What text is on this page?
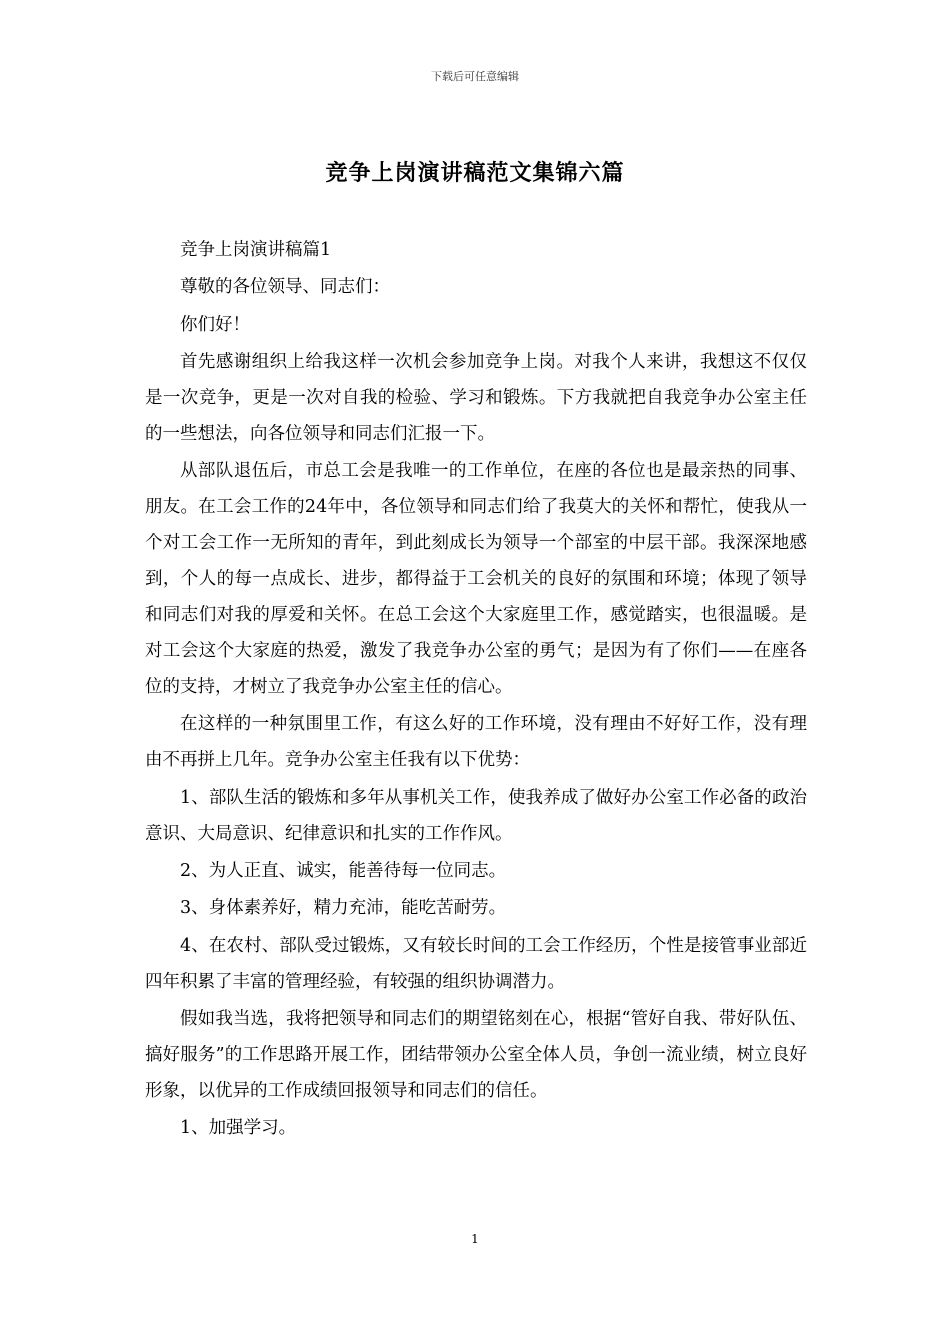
下载后可任意编辑
竞争上岗演讲稿范文集锦六篇

竞争上岗演讲稿篇1

尊敬的各位领导、同志们：

你们好！

首先感谢组织上给我这样一次机会参加竞争上岗。对我个人来讲，我想这不仅仅是一次竞争，更是一次对自我的检验、学习和锻炼。下方我就把自我竞争办公室主任的一些想法，向各位领导和同志们汇报一下。

从部队退伍后，市总工会是我唯一的工作单位，在座的各位也是最亲热的同事、朋友。在工会工作的24年中，各位领导和同志们给了我莫大的关怀和帮忙，使我从一个对工会工作一无所知的青年，到此刻成长为领导一个部室的中层干部。我深深地感到，个人的每一点成长、进步，都得益于工会机关的良好的氛围和环境；体现了领导和同志们对我的厚爱和关怀。在总工会这个大家庭里工作，感觉踏实，也很温暖。是对工会这个大家庭的热爱，激发了我竞争办公室的勇气；是因为有了你们——在座各位的支持，才树立了我竞争办公室主任的信心。

在这样的一种氛围里工作，有这么好的工作环境，没有理由不好好工作，没有理由不再拼上几年。竞争办公室主任我有以下优势：

1、部队生活的锻炼和多年从事机关工作，使我养成了做好办公室工作必备的政治意识、大局意识、纪律意识和扎实的工作作风。

2、为人正直、诚实，能善待每一位同志。

3、身体素养好，精力充沛，能吃苦耐劳。

4、在农村、部队受过锻炼，又有较长时间的工会工作经历，个性是接管事业部近四年积累了丰富的管理经验，有较强的组织协调潜力。

假如我当选，我将把领导和同志们的期望铭刻在心，根据“管好自我、带好队伍、搞好服务”的工作思路开展工作，团结带领办公室全体人员，争创一流业绩，树立良好形象，以优异的工作成绩回报领导和同志们的信任。

1、加强学习。

1
